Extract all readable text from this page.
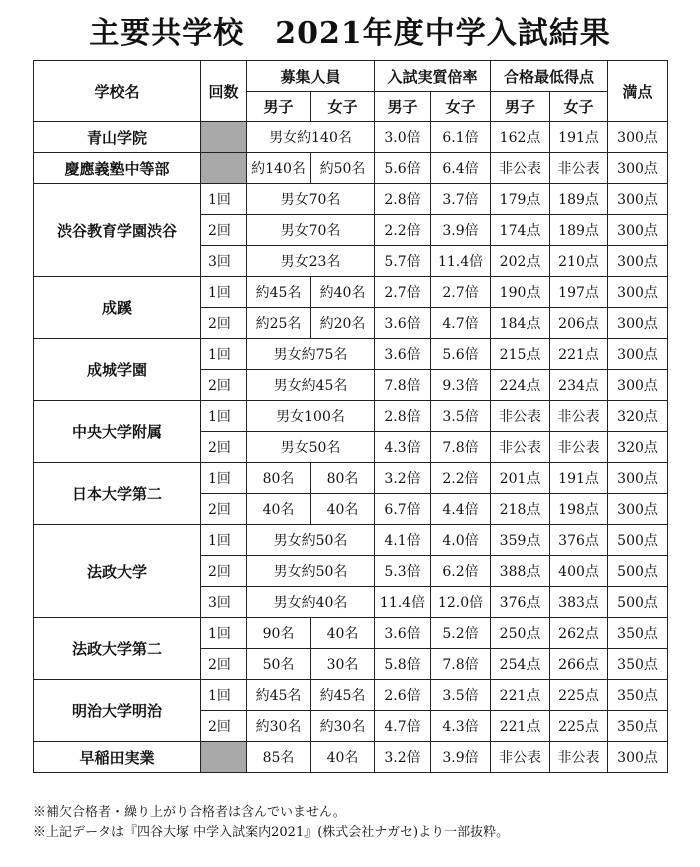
主要共学校　2021年度中学入試結果
学校名	回数	募集人員		入試実質倍率		合格最低得点		満点
		男子	女子	男子	女子	男子	女子	
青山学院		男女約140名		3.0倍	6.1倍	162点	191点	300点
慶應義塾中等部		約140名	約50名	5.6倍	6.4倍	非公表	非公表	300点
渋谷教育学園渋谷	1回	男女70名		2.8倍	3.7倍	179点	189点	300点
	2回	男女70名		2.2倍	3.9倍	174点	189点	300点
	3回	男女23名		5.7倍	11.4倍	202点	210点	300点
成蹊	1回	約45名	約40名	2.7倍	2.7倍	190点	197点	300点
	2回	約25名	約20名	3.6倍	4.7倍	184点	206点	300点
成城学園	1回	男女約75名		3.6倍	5.6倍	215点	221点	300点
	2回	男女約45名		7.8倍	9.3倍	224点	234点	300点
中央大学附属	1回	男女100名		2.8倍	3.5倍	非公表	非公表	320点
	2回	男女50名		4.3倍	7.8倍	非公表	非公表	320点
日本大学第二	1回	80名	80名	3.2倍	2.2倍	201点	191点	300点
	2回	40名	40名	6.7倍	4.4倍	218点	198点	300点
法政大学	1回	男女約50名		4.1倍	4.0倍	359点	376点	500点
	2回	男女約50名		5.3倍	6.2倍	388点	400点	500点
	3回	男女約40名		11.4倍	12.0倍	376点	383点	500点
法政大学第二	1回	90名	40名	3.6倍	5.2倍	250点	262点	350点
	2回	50名	30名	5.8倍	7.8倍	254点	266点	350点
明治大学明治	1回	約45名	約45名	2.6倍	3.5倍	221点	225点	350点
	2回	約30名	約30名	4.7倍	4.3倍	221点	225点	350点
早稲田実業		85名	40名	3.2倍	3.9倍	非公表	非公表	300点
※補欠合格者・繰り上がり合格者は含んでいません。
※上記データは『四谷大塚 中学入試案内2021』(株式会社ナガセ)より一部抜粋。
